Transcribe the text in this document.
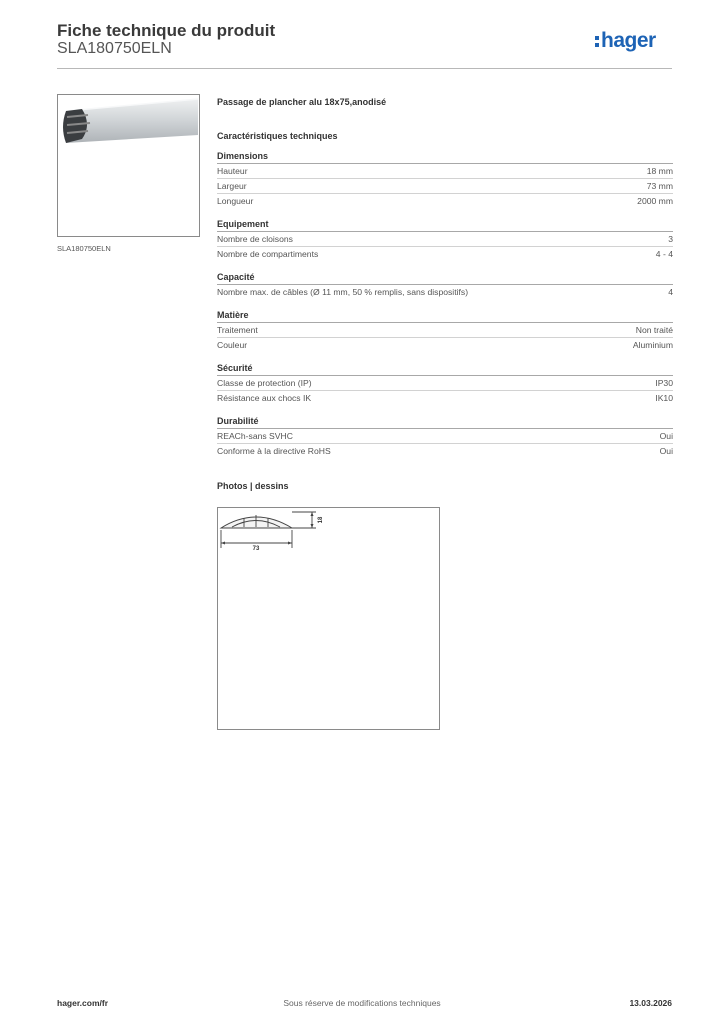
Fiche technique du produit
SLA180750ELN	hager
SLA180750ELN
Passage de plancher alu 18x75,anodisé
Caractéristiques techniques
Dimensions
Hauteur	18 mm
Largeur	73 mm
Longueur	2000 mm
Equipement
Nombre de cloisons	3
Nombre de compartiments	4 - 4
Capacité
Nombre max. de câbles (Ø 11 mm, 50 % remplis, sans dispositifs)	4
Matière
Traitement	Non traité
Couleur	Aluminium
Sécurité
Classe de protection (IP)	IP30
Résistance aux chocs IK	IK10
Durabilité
REACh-sans SVHC	Oui
Conforme à la directive RoHS	Oui
Photos | dessins
73
18
hager.com/fr	Sous réserve de modifications techniques	13.03.2026
